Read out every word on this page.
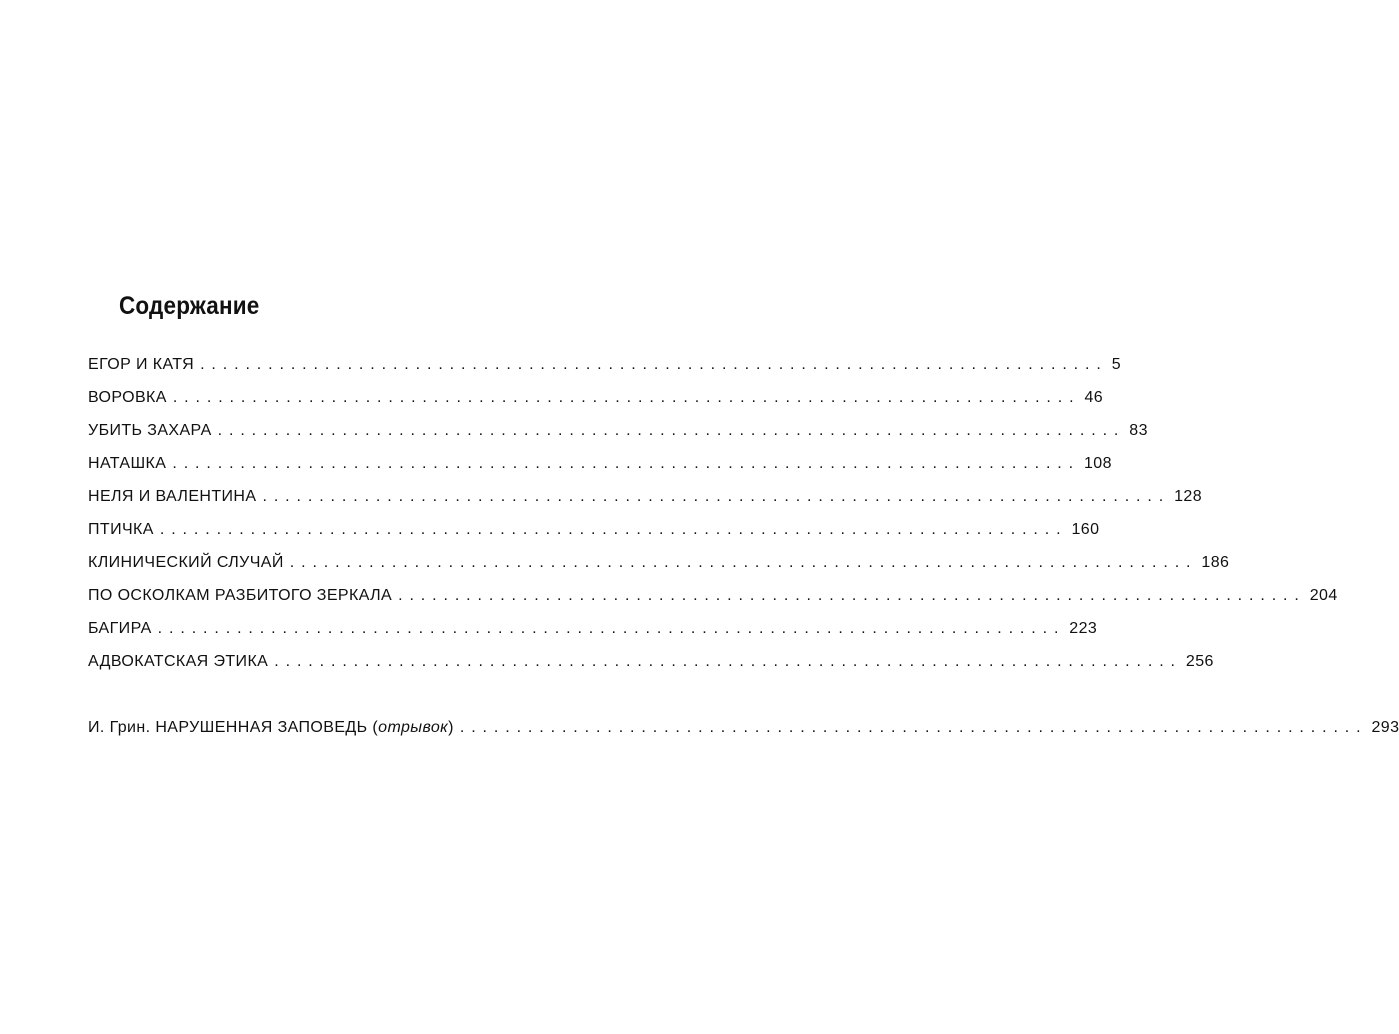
Содержание
ЕГОР И КАТЯ ................................................................................ 5
ВОРОВКА ................................................................................ 46
УБИТЬ ЗАХАРА ................................................................................ 83
НАТАШКА ................................................................................ 108
НЕЛЯ И ВАЛЕНТИНА ................................................................................ 128
ПТИЧКА ................................................................................ 160
КЛИНИЧЕСКИЙ СЛУЧАЙ ................................................................................ 186
ПО ОСКОЛКАМ РАЗБИТОГО ЗЕРКАЛА ................................................................................ 204
БАГИРА ................................................................................ 223
АДВОКАТСКАЯ ЭТИКА ................................................................................ 256
И. Грин. НАРУШЕННАЯ ЗАПОВЕДЬ (отрывок) ................................................................................ 293
